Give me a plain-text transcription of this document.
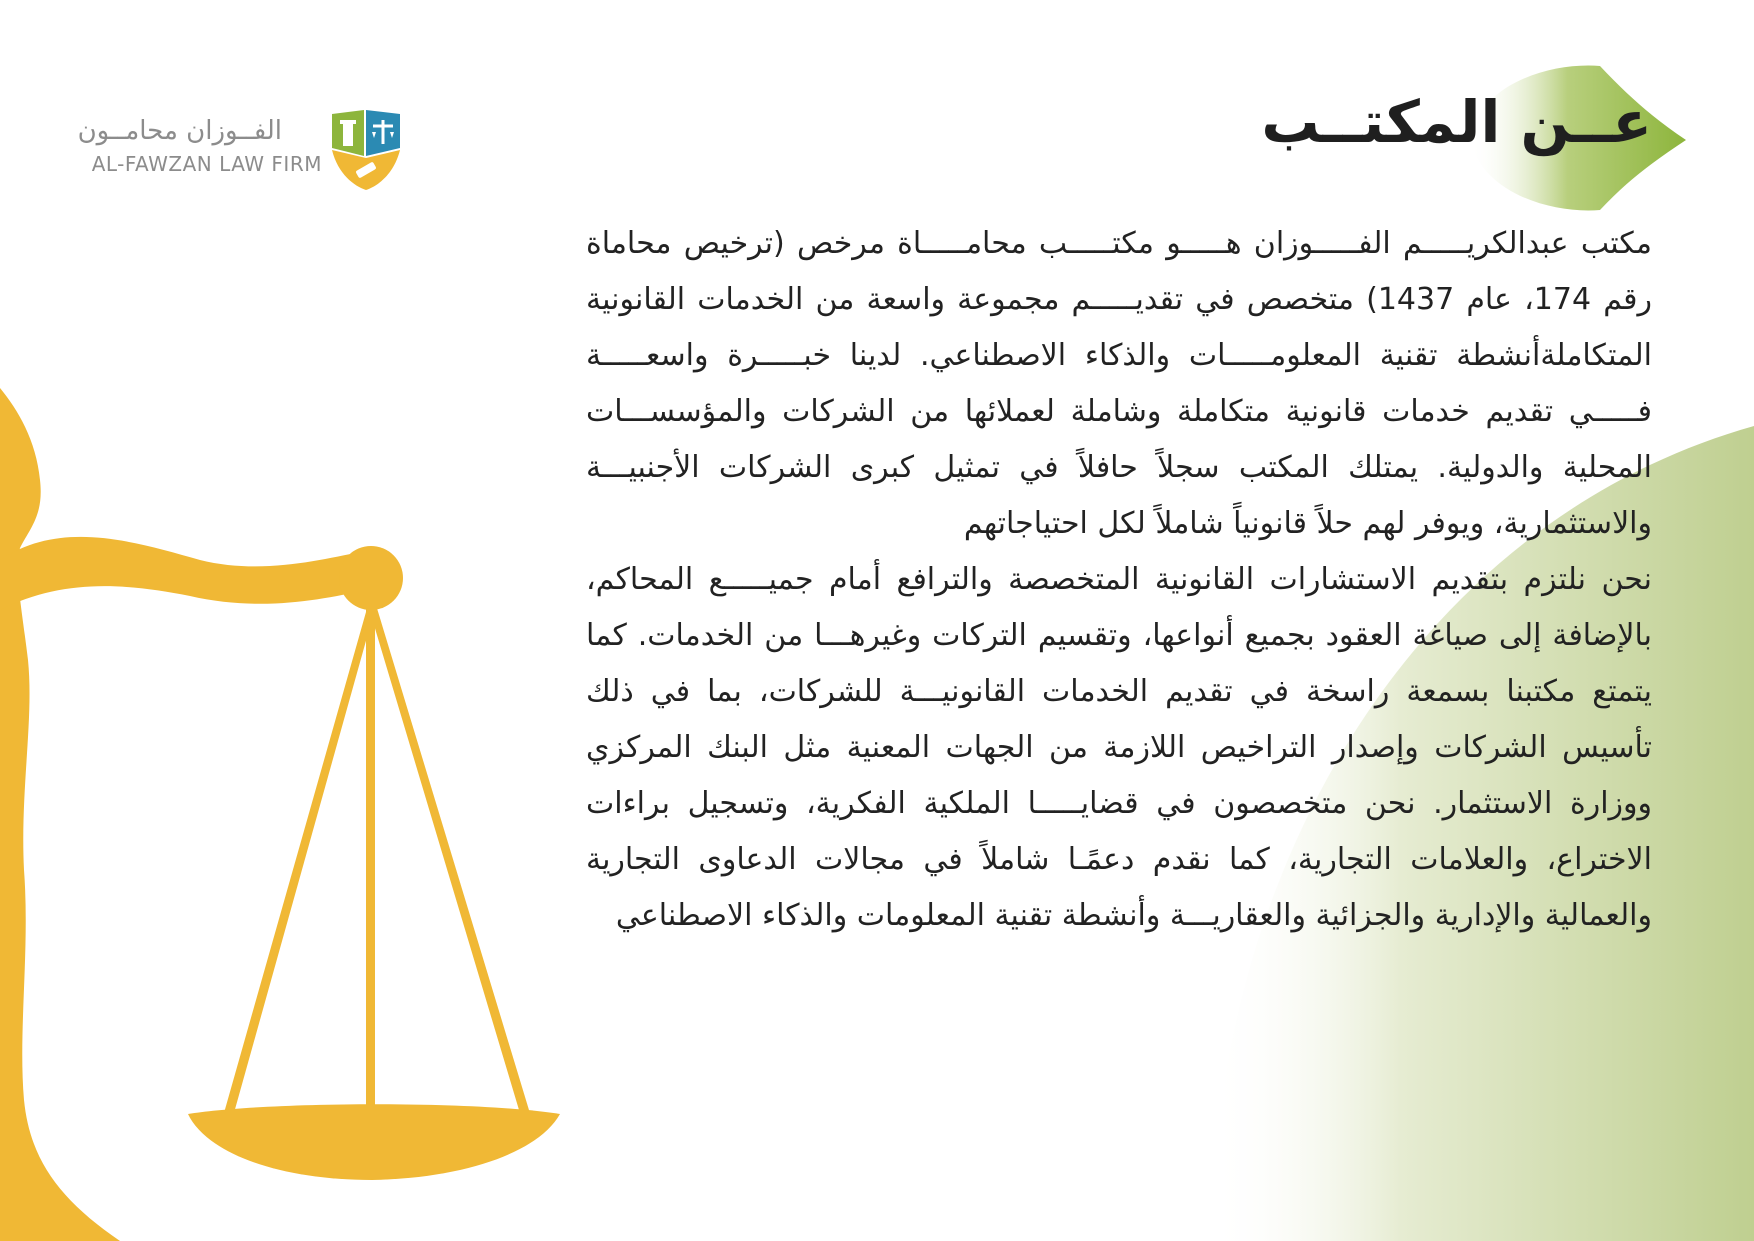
الفــوزان محامــون
AL-FAWZAN LAW FIRM
عــن المكتــب

مكتب عبدالكريـــــم الفـــــوزان هـــــو مكتـــــب محامـــــاة مرخص (ترخيص محاماة رقم 174، عام 1437) متخصص في تقديـــــم مجموعة واسعة من الخدمات القانونية المتكاملةأنشطة تقنية المعلومـــــات والذكاء الاصطناعي. لدينا خبـــــرة واسعـــــة فـــــي تقديم خدمات قانونية متكاملة وشاملة لعملائها من الشركات والمؤسســـات المحلية والدولية. يمتلك المكتب سجلاً حافلاً في تمثيل كبرى الشركات الأجنبيـــة والاستثمارية، ويوفر لهم حلاً قانونياً شاملاً لكل احتياجاتهم

نحن نلتزم بتقديم الاستشارات القانونية المتخصصة والترافع أمام جميـــــع المحاكم، بالإضافة إلى صياغة العقود بجميع أنواعها، وتقسيم التركات وغيرهـــا من الخدمات. كما يتمتع مكتبنا بسمعة راسخة في تقديم الخدمات القانونيـــة للشركات، بما في ذلك تأسيس الشركات وإصدار التراخيص اللازمة من الجهات المعنية مثل البنك المركزي ووزارة الاستثمار. نحن متخصصون في قضايـــــا الملكية الفكرية، وتسجيل براءات الاختراع، والعلامات التجارية، كما نقدم دعمًـا شاملاً في مجالات الدعاوى التجارية والعمالية والإدارية والجزائية والعقاريـــة وأنشطة تقنية المعلومات والذكاء الاصطناعي
